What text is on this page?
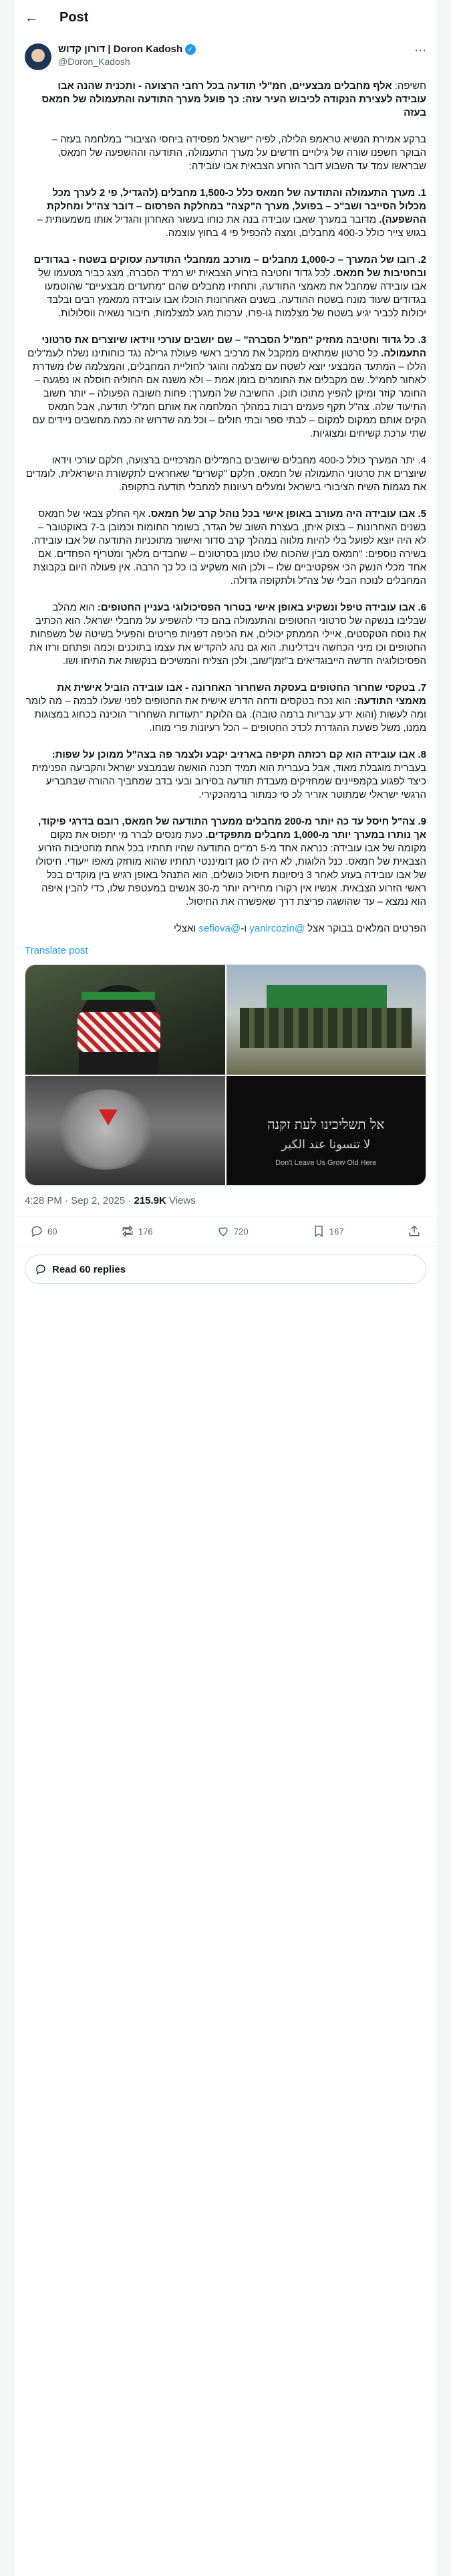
← Post
דורון קדוש | Doron Kadosh ✓
@Doron_Kadosh
⋯

חשיפה: אלף מחבלים מבצעיים, חמ"לי תודעה בכל רחבי הרצועה - ותכנית שהנה אבו עובידה לעצירת הנקודה לכיבוש העיר עזה: כך פועל מערך התודעה והתעמולה של חמאס בעזה

ברקע אמירת הנשיא טראמפ הלילה, לפיה "ישראל מפסידה ביחסי הציבור" במלחמה בעזה – הבוקר חשפנו שורה של גילויים חדשים על מערך התעמולה, התודעה וההשפעה של חמאס, שבראשו עמד עד השבוע דובר הזרוע הצבאית אבו עובידה:

1. מערך התעמולה והתודעה של חמאס כלל כ-1,500 מחבלים (להגדיל, פי 2 לערך מכל מכלול הסייבר ושב"כ – בפועל, מערך ה"קצה" במחלקת הפרסום – דובר צה"ל ומחלקת ההשפעה). מדובר במערך שאבו עובידה בנה את כוחו בעשור האחרון והגדיל אותו משמעותית – בגוש צייר כולל כ-400 מחבלים, ומצה להכפיל פי 4 בחוץ עוצמה.

2. רובו של המערך – כ-1,000 מחבלים – מורכב ממחבלי התודעה עסוקים בשטח - בגדודים ובחטיבות של חמאס. לכל גדוד וחטיבה בזרוע הצבאית יש רמ"ד הסברה, מצג כביר מטעמו של אבו עובידה שמחבל את מאמצי התודעה, ותחתיו מחבלים שהם "מתעדים מבצעיים" שהוטמעו בגדודים שעוד מונח בשטח ההודעה. בשנים האחרונות הוכלו אבו עובידה ממאמץ רבים ובלבד יכולות לכביר יגיע בשטח של מצלמות גו-פרו, ערכות מגע למצלמות, חיבור נשאיה ווסלולות.

3. כל גדוד וחטיבה מחזיק "חמ"ל הסברה" – שם יושבים עורכי ווידאו שיוצרים את סרטוני התעמולה. כל סרטון שמתאים ממקבל את מרכיב ראשי פעולת גרילה נגד כוחותינו נשלח לעמ"לים הללו – המתעד המבצעי יוצא לשטח עם מצלמה והוגר לחוליית המחבלים, והמצלמה שלו משדרת לאחור לחמ"ל. שם מקבלים את החומרים בזמן אמת – ולא משנה אם החוליה חוסלה או נפגעה – החומר קוזר ומיקן להפיץ מתוכו תוכן. החשיבה של המערך: פחות חשובה הפעולה – יותר חשוב התיעוד שלה. צה"ל תקף פעמים רבות במהלך המלחמה את אותם חמ"לי תודעה, אבל חמאס הקים אותם ממקום למקום – לבתי ספר ובתי חולים – וכל מה שדרוש זה כמה מחשבים ניידים עם שתי ערכת קשיחים ומצוגיות.

4. יתר המערך כולל כ-400 מחבלים שיושבים בחמ"לים המרכזיים ברצועה, חלקם עורכי וידאו שיוצרים את סרטוני התעמולה של חמאס, חלקם "קשרים" שאחראים לתקשורת הישראלית, לומדים את מגמות השיח הציבורי בישראל ומעלים רעיונות למחבלי תודעה בתקופה.

5. אבו עובידה היה מעורב באופן אישי בכל נוהל קרב של חמאס. אף החלק צבאי של חמאס בשנים האחרונות – בצוק איתן, בעצרת השוב של הגדר, בשומר החומות וכמובן ב-7 באוקטובר – לא היה יוצא לפועל בלי להיות מלווה במהלך קרב סדור ואישור מתוכניות התודעה של אבו עובידה. בשירה נוספים: "חמאס מבין שהכוח שלו טמון בסרטונים – שחבדים מלאך ומטריף הפחדים. אם אחד מכלי הנשק הכי אפקטיביים שלו – ולכן הוא משקיע בו כל כך הרבה. אין פעולה היום בקבוצת המחבלים לנוכח הבלי של צה"ל ולתקופה גדולה.

6. אבו עובידה טיפל ונשקיע באופן אישי בטרור הפסיכולוגי בעניין החטופים: הוא מהלב שבליבו בנשקה של סרטוני החטופים והתעמולה בהם כדי להשפיע על מחבלי ישראל. הוא הכתיב את נוסח הטקסטים, איילי הממתק יכולים, את הכיפה דפניות פריטים והפעיל בשיטה של משפחות החטופים וכו מיני הכחשה ויבדלינות. הוא גם נהג להקדיש את עצמו בתוכנים וכמה ופתחם ורזו את הפסיכולוגיה חדשה הייבוגדיאים ב"זמן"שוב, ולכן הצליח והמשיכים בנקשות את התיחו ושו.

7. בטקסי שחרור החטופים בעסקת השחרור האחרונה - אבו עובידה הוביל אישית את מאמצי התודעה: הוא נכח בטקסים ודחה הדרש אישית את החטופים לפני שעלו לבמה – מה לומר ומה לעשות (והוא ידע עבריות ברמה טובה). גם הלוקת "תעודות השחרור" הוכינה בכחוג במצוגות ממנו, משל פשעת ההגדרת לכדכ החטופים – הכל רעיונות פרי מוחו.

8. אבו עובידה הוא קם רכזתה תקיפה בארזיב יקבע ולצמר פה בצה"ל ממוכן על שפות: בעברית מוגבלת מאוד, אבל בעברית הוא תמיד תכנה הואשה שבמבצע ישראל והקביעה הפנימית כיצד לפגוע בקמפיינים שמחזיקים מעבדת תודעה בסירוב ובעי בדב שמחביך ההורה שבחבריע הרגשי ישראלי שמתוטר אזריר לכ סי כמתור ברמהכקירי.

9. צה"ל חיסל עד כה יותר מ-200 מחבלים ממערך התודעה של חמאס, רובם בדרגי פיקוד, אך נותרו במערך יותר מ-1,000 מחבלים מתפקדים. כעת מנסים לברר מי יתפוס את מקום מקומה של אבו עובידה: כנראה אחד מ-5 רמ"ים התודעה שהיו תחתיו בכל אחת מחטיבות הזרוע הצבאית של חמאס. כנל הלוגות, לא היה לו סגן דומיננטי תחתיו שהוא מוחזק מאפו ייעודי. חיסולו של אבו עובידה בעזע לאחר 3 ניסיונות חיסול כושלים, הוא התנהל באופן רגיש בין מוקדים בכל ראשי הזרוע הצבאית. אנשיו אין רקורו מחיריה יותר מ-30 אנשים במעטפת שלו, כדי להבין איפה הוא נמצא – עד שהושגה פריצת דרך שאפשרה את החיסול.

הפרטים המלאים בבוקר אצל @yanircozin ו-@sefiova ואצלי

Translate post
אל תשליכינו לעת זקנה
لا تنسونا عند الكبر
Don't Leave Us Grow Old Here
4:28 PM · Sep 2, 2025 · 215.9K Views
60	176	720	167
Read 60 replies
